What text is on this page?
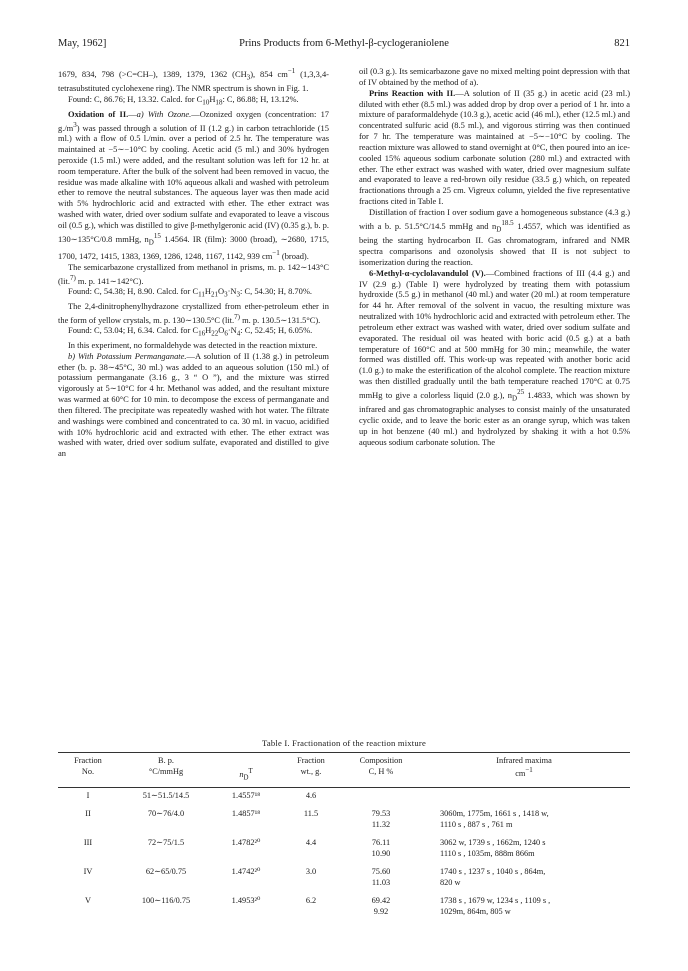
May, 1962]	Prins Products from 6-Methyl-β-cyclogeraniolene	821

1679, 834, 798 (>C=CH–), 1389, 1379, 1362 $(CH_3)$, 854 $cm^{-1}$ (1,3,3,4-tetrasubstituted cyclohexene ring). The NMR spectrum is shown in Fig. 1.

Found: C, 86.76; H, 13.32. Calcd. for $C_{10}H_{18}$: C, 86.88; H, 13.12%.

Oxidation of II.—a) With Ozone.—Ozonized oxygen (concentration: 17 $g./m^3$) was passed through a solution of II (1.2 g.) in carbon tetrachloride (15 ml.) with a flow of 0.5 l./min. over a period of 2.5 hr. The temperature was maintained at −5∼−10°C by cooling. Acetic acid (5 ml.) and 30% hydrogen peroxide (1.5 ml.) were added, and the resultant solution was left for 12 hr. at room temperature. After the bulk of the solvent had been removed in vacuo, the residue was made alkaline with 10% aqueous alkali and washed with petroleum ether to remove the neutral substances. The aqueous layer was then made acid with 5% hydrochloric acid and extracted with ether. The ether extract was washed with water, dried over sodium sulfate and evaporated to leave a viscous oil (0.5 g.), which was distilled to give β-methylgeronic acid (IV) (0.35 g.), b. p. 130∼135°C/0.8 mmHg, $n_D^{15}$ 1.4564. IR (film): 3000 (broad), ∼2680, 1715, 1700, 1472, 1415, 1383, 1369, 1286, 1248, 1167, 1142, 939 $cm^{-1}$ (broad).

The semicarbazone crystallized from methanol in prisms, m. p. 142∼143°C (lit.$^{7)}$ m. p. 141∼142°C).

Found: C, 54.38; H, 8.90. Calcd. for $C_{11}H_{21}O_3\cdot N_3$: C, 54.30; H, 8.70%.

The 2,4-dinitrophenylhydrazone crystallized from ether-petroleum ether in the form of yellow crystals, m. p. 130∼130.5°C (lit.$^{7)}$ m. p. 130.5∼131.5°C).

Found: C, 53.04; H, 6.34. Calcd. for $C_{16}H_{22}O_6\cdot N_4$: C, 52.45; H, 6.05%.

In this experiment, no formaldehyde was detected in the reaction mixture.

b) With Potassium Permanganate.—A solution of II (1.38 g.) in petroleum ether (b. p. 38∼45°C, 30 ml.) was added to an aqueous solution (150 ml.) of potassium permanganate (3.16 g., 3 “ O ”), and the mixture was stirred vigorously at 5∼10°C for 4 hr. Methanol was added, and the resultant mixture was warmed at 60°C for 10 min. to decompose the excess of permanganate and then filtered. The precipitate was repeatedly washed with hot water. The filtrate and washings were combined and concentrated to ca. 30 ml. in vacuo, acidified with 10% hydrochloric acid and extracted with ether. The ether extract was washed with water, dried over sodium sulfate, evaporated and distilled to give an

oil (0.3 g.). Its semicarbazone gave no mixed melting point depression with that of IV obtained by the method of a).

Prins Reaction with II.—A solution of II (35 g.) in acetic acid (23 ml.) diluted with ether (8.5 ml.) was added drop by drop over a period of 1 hr. into a mixture of paraformaldehyde (10.3 g.), acetic acid (46 ml.), ether (12.5 ml.) and concentrated sulfuric acid (8.5 ml.), and vigorous stirring was then continued for 7 hr. The temperature was maintained at −5∼−10°C by cooling. The reaction mixture was allowed to stand overnight at 0°C, then poured into an ice-cooled 15% aqueous sodium carbonate solution (280 ml.) and extracted with ether. The ether extract was washed with water, dried over magnesium sulfate and evaporated to leave a red-brown oily residue (33.5 g.) which, on repeated fractionations through a 25 cm. Vigreux column, yielded the five representative fractions cited in Table I.

Distillation of fraction I over sodium gave a homogeneous substance (4.3 g.) with a b. p. 51.5°C/14.5 mmHg and $n_D^{18.5}$ 1.4557, which was identified as being the starting hydrocarbon II. Gas chromatogram, infrared and NMR spectra comparisons and ozonolysis showed that II is not subject to isomerization during the reaction.

6-Methyl-α-cyclolavandulol (V).—Combined fractions of III (4.4 g.) and IV (2.9 g.) (Table I) were hydrolyzed by treating them with potassium hydroxide (5.5 g.) in methanol (40 ml.) and water (20 ml.) at room temperature for 44 hr. After removal of the solvent in vacuo, the resulting mixture was neutralized with 10% hydrochloric acid and extracted with petroleum ether. The petroleum ether extract was washed with water, dried over sodium sulfate and evaporated. The residual oil was heated with boric acid (0.5 g.) at a bath temperature of 160°C and at 500 mmHg for 30 min.; meanwhile, the water formed was distilled off. This work-up was repeated with another boric acid (1.0 g.) to make the esterification of the alcohol complete. The reaction mixture was then distilled gradually until the bath temperature reached 170°C at 0.75 mmHg to give a colorless liquid (2.0 g.), $n_D^{25}$ 1.4833, which was shown by infrared and gas chromatographic analyses to consist mainly of the unsaturated cyclic oxide, and to leave the boric ester as an orange syrup, which was taken up in hot benzene (40 ml.) and hydrolyzed by shaking it with a hot 0.5% aqueous sodium carbonate solution. The

Table I. Fractionation of the reaction mixture
Fraction
No.	B. p.
°C/mmHg	$n_D^T$	Fraction
wt., g.	Composition
C, H %	Infrared maxima
$cm^{-1}$
I	51∼51.5/14.5	1.4557¹⁸	4.6		
II	70∼76/4.0	1.4857¹⁸	11.5	79.53	3060m, 1775m, 1661 s , 1418 w,
				11.32	1110 s , 887 s , 761 m
III	72∼75/1.5	1.4782²⁰	4.4	76.11	3062 w, 1739 s , 1662m, 1240 s
				10.90	1110 s , 1035m, 888m 866m
IV	62∼65/0.75	1.4742²⁰	3.0	75.60	1740 s , 1237 s , 1040 s , 864m,
				11.03	820 w
V	100∼116/0.75	1.4953²⁰	6.2	69.42	1738 s , 1679 w, 1234 s , 1109 s ,
				9.92	1029m, 864m, 805 w
